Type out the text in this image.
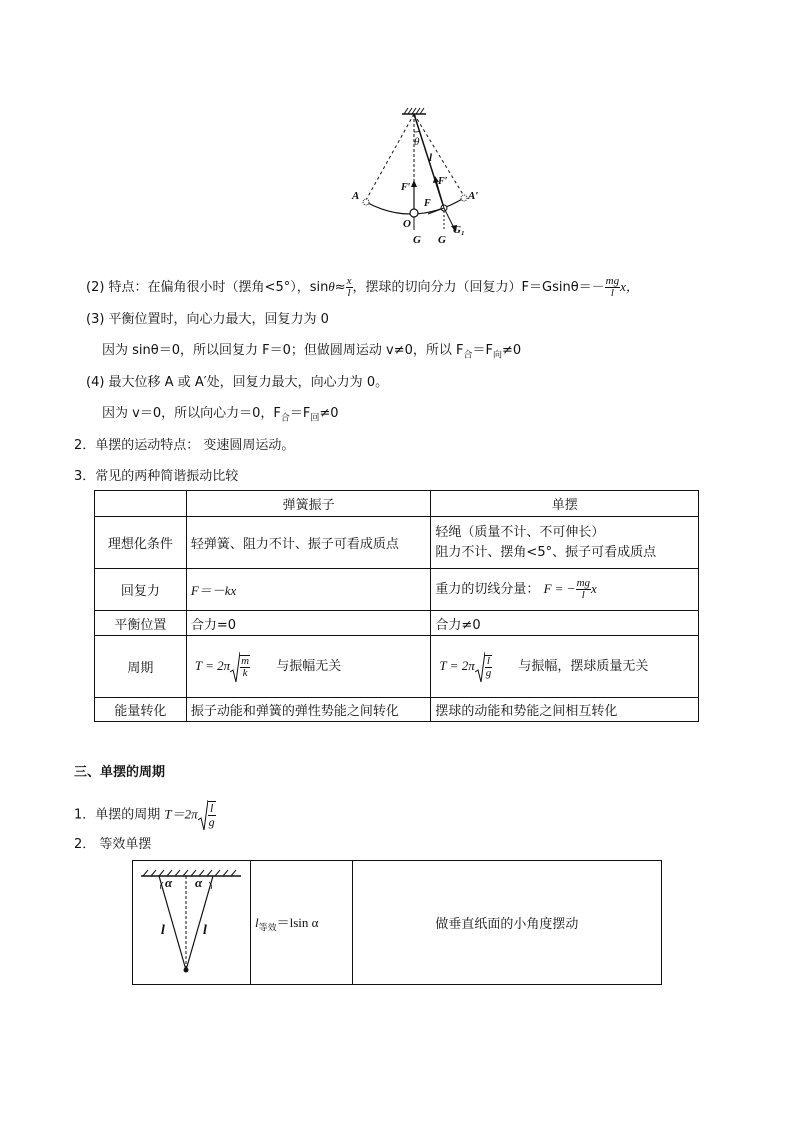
θ
l
F′
F′
A	A′
F
O
G G
G₁
(2) 特点：在偏角很小时（摆角<5°），$\sin\theta\approx \frac{x}{l}$ ，摆球的切向分力（回复力）$F=Gsin\theta=- \frac{mg}{l}$ x，
(3) 平衡位置时，向心力最大，回复力为 0
因为 sinθ＝0，所以回复力 F＝0；但做圆周运动 v≠0，所以 $F_合=F_向\ne 0$
(4) 最大位移 A 或 A′处，回复力最大，向心力为 0。
因为 v＝0，所以向心力＝0，$F_合=F_回\ne 0$
2．单摆的运动特点： 变速圆周运动。
3．常见的两种简谐振动比较
	弹簧振子	单摆
理想化条件	轻弹簧、阻力不计、振子可看成质点	轻绳（质量不计、不可伸长）
阻力不计、摆角<5°、振子可看成质点

回复力	F＝－kx	重力的切线分量： F = − $\frac{mg}{l}$ x
平衡位置	合力=0	合力≠0
周期	$T = 2\pi \frac{m}{k}$ 与振幅无关	$T = 2\pi \frac{l}{g}$ 与振幅，摆球质量无关
能量转化	振子动能和弹簧的弹性势能之间转化	摆球的动能和势能之间相互转化
三、单摆的周期
1．单摆的周期 $T=2\pi \frac{l}{g}$
2． 等效单摆
α α
l	l
	$l_{等效}=lsin$ α	做垂直纸面的小角度摆动
